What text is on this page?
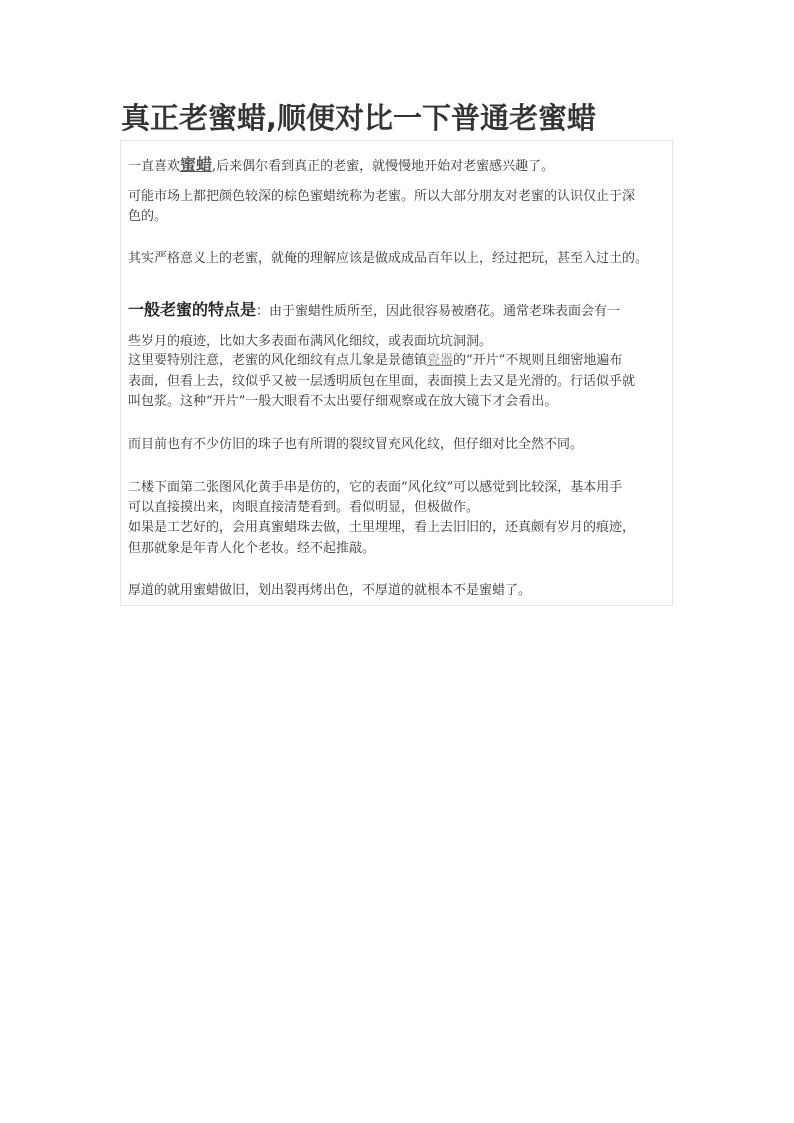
真正老蜜蜡,顺便对比一下普通老蜜蜡
一直喜欢蜜蜡,后来偶尔看到真正的老蜜，就慢慢地开始对老蜜感兴趣了。
可能市场上都把颜色较深的棕色蜜蜡统称为老蜜。所以大部分朋友对老蜜的认识仅止于深
色的。
其实严格意义上的老蜜，就俺的理解应该是做成成品百年以上，经过把玩，甚至入过土的。
一般老蜜的特点是：由于蜜蜡性质所至，因此很容易被磨花。通常老珠表面会有一
些岁月的痕迹，比如大多表面布满风化细纹，或表面坑坑洞洞。
这里要特别注意，老蜜的风化细纹有点儿象是景德镇瓷器的“开片”不规则且细密地遍布
表面，但看上去，纹似乎又被一层透明质包在里面，表面摸上去又是光滑的。行话似乎就
叫包浆。这种“开片”一般大眼看不太出要仔细观察或在放大镜下才会看出。
而目前也有不少仿旧的珠子也有所谓的裂纹冒充风化纹，但仔细对比全然不同。
二楼下面第二张图风化黄手串是仿的，它的表面“风化纹”可以感觉到比较深，基本用手
可以直接摸出来，肉眼直接清楚看到。看似明显，但极做作。
如果是工艺好的，会用真蜜蜡珠去做，土里埋埋，看上去旧旧的，还真颇有岁月的痕迹，
但那就象是年青人化个老妆。经不起推敲。
厚道的就用蜜蜡做旧，划出裂再烤出色，不厚道的就根本不是蜜蜡了。
